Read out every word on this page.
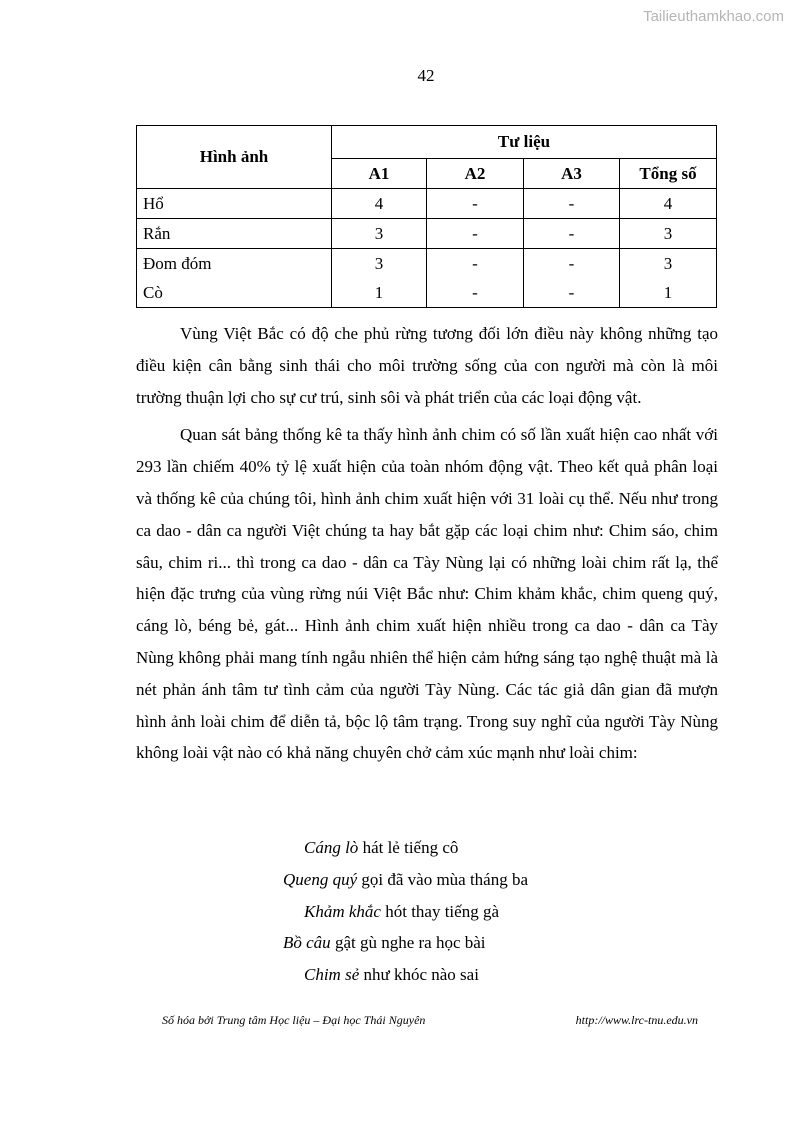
Tailieuthamkhao.com
42
Hình ảnh	Tư liệu			
	A1	A2	A3	Tổng số
Hổ	4	-	-	4
Rắn	3	-	-	3
Đom đóm	3	-	-	3
Cò	1	-	-	1

Vùng Việt Bắc có độ che phủ rừng tương đối lớn điều này không những tạo điều kiện cân bằng sinh thái cho môi trường sống của con người mà còn là môi trường thuận lợi cho sự cư trú, sinh sôi và phát triển của các loại động vật.

Quan sát bảng thống kê ta thấy hình ảnh chim có số lần xuất hiện cao nhất với 293 lần chiếm 40% tỷ lệ xuất hiện của toàn nhóm động vật. Theo kết quả phân loại và thống kê của chúng tôi, hình ảnh chim xuất hiện với 31 loài cụ thể. Nếu như trong ca dao - dân ca người Việt chúng ta hay bắt gặp các loại chim như: Chim sáo, chim sâu, chim ri... thì trong ca dao - dân ca Tày Nùng lại có những loài chim rất lạ, thể hiện đặc trưng của vùng rừng núi Việt Bắc như: Chim khảm khắc, chim queng quý, cáng lò, béng bẻ, gát... Hình ảnh chim xuất hiện nhiều trong ca dao - dân ca Tày Nùng không phải mang tính ngẫu nhiên thể hiện cảm hứng sáng tạo nghệ thuật mà là nét phản ánh tâm tư tình cảm của người Tày Nùng. Các tác giả dân gian đã mượn hình ảnh loài chim để diễn tả, bộc lộ tâm trạng. Trong suy nghĩ của người Tày Nùng không loài vật nào có khả năng chuyên chở cảm xúc mạnh như loài chim:

Cáng lò hát lẻ tiếng cô
Queng quý gọi đã vào mùa tháng ba
Khảm khắc hót thay tiếng gà
Bồ câu gật gù nghe ra học bài
Chim sẻ như khóc nào sai
Số hóa bởi Trung tâm Học liệu – Đại học Thái Nguyên	http://www.lrc-tnu.edu.vn
